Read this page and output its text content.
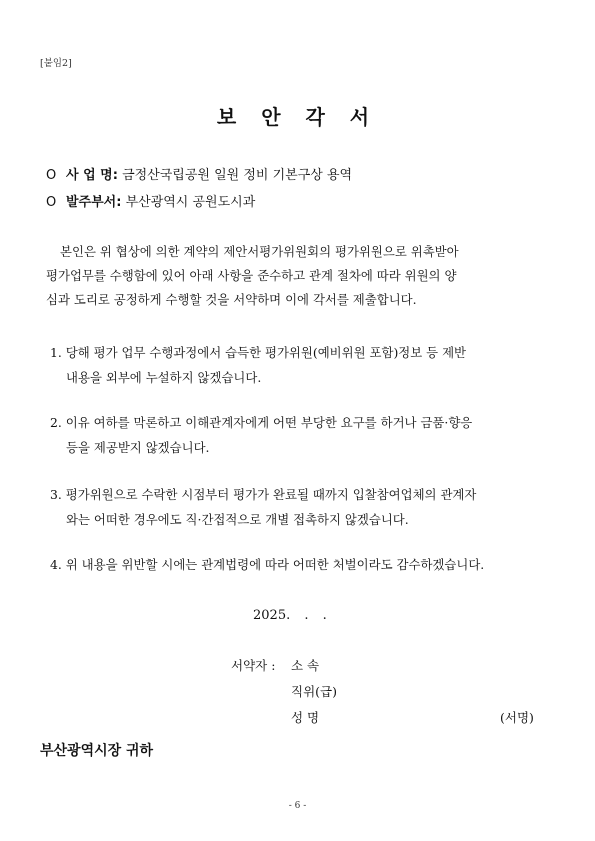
[붙임2]
보 안 각 서
O 사 업 명: 금정산국립공원 일원 정비 기본구상 용역
O 발주부서: 부산광역시 공원도시과
본인은 위 협상에 의한 계약의 제안서평가위원회의 평가위원으로 위촉받아
평가업무를 수행함에 있어 아래 사항을 준수하고 관계 절차에 따라 위원의 양
심과 도리로 공정하게 수행할 것을 서약하며 이에 각서를 제출합니다.
1. 당해 평가 업무 수행과정에서 습득한 평가위원(예비위원 포함)정보 등 제반
내용을 외부에 누설하지 않겠습니다.
2. 이유 여하를 막론하고 이해관계자에게 어떤 부당한 요구를 하거나 금품·향응
등을 제공받지 않겠습니다.
3. 평가위원으로 수락한 시점부터 평가가 완료될 때까지 입찰참여업체의 관계자
와는 어떠한 경우에도 직·간접적으로 개별 접촉하지 않겠습니다.
4. 위 내용을 위반할 시에는 관계법령에 따라 어떠한 처벌이라도 감수하겠습니다.
2025. . .
서약자 : 소 속
직위(급)
성 명	(서명)
부산광역시장 귀하
- 6 -
